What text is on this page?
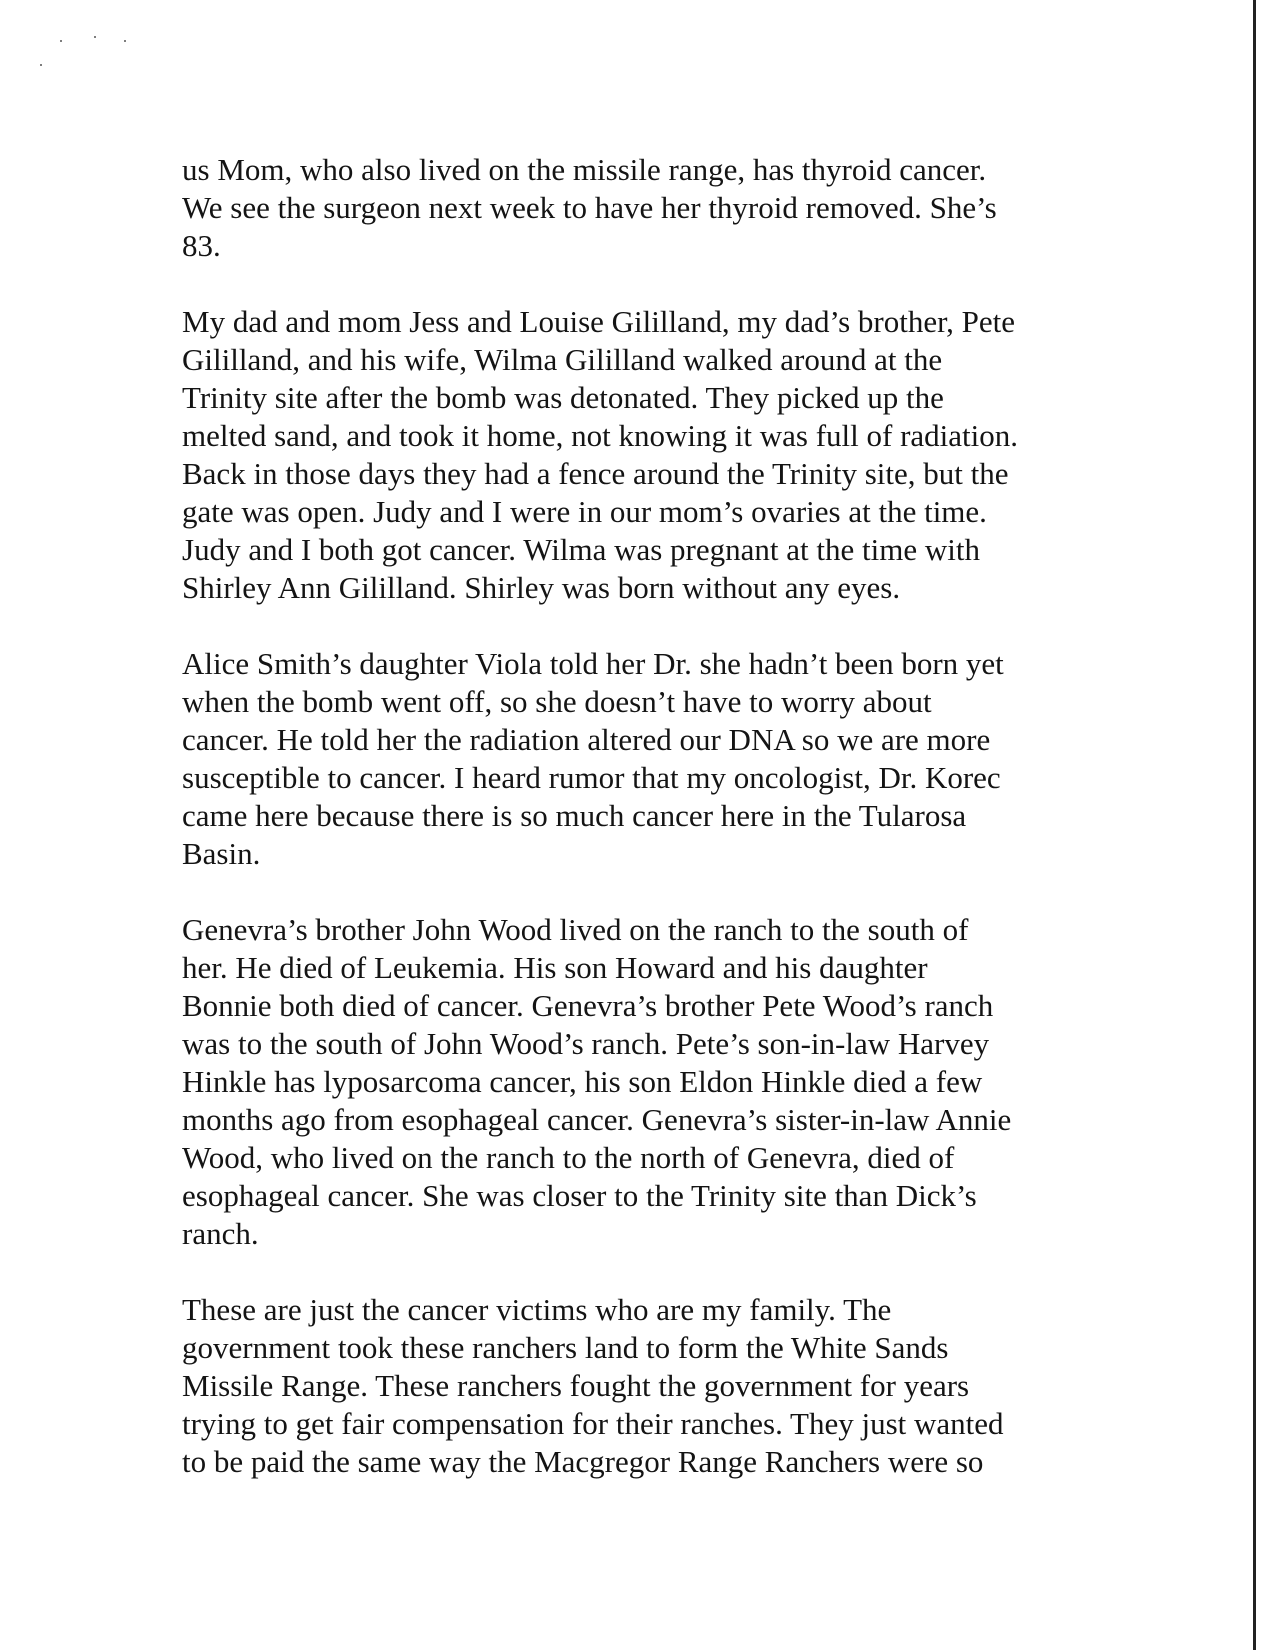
us Mom, who also lived on the missile range, has thyroid cancer.
We see the surgeon next week to have her thyroid removed. She’s
83.
My dad and mom Jess and Louise Gililland, my dad’s brother, Pete
Gililland, and his wife, Wilma Gililland walked around at the
Trinity site after the bomb was detonated. They picked up the
melted sand, and took it home, not knowing it was full of radiation.
Back in those days they had a fence around the Trinity site, but the
gate was open. Judy and I were in our mom’s ovaries at the time.
Judy and I both got cancer. Wilma was pregnant at the time with
Shirley Ann Gililland. Shirley was born without any eyes.
Alice Smith’s daughter Viola told her Dr. she hadn’t been born yet
when the bomb went off, so she doesn’t have to worry about
cancer. He told her the radiation altered our DNA so we are more
susceptible to cancer. I heard rumor that my oncologist, Dr. Korec
came here because there is so much cancer here in the Tularosa
Basin.
Genevra’s brother John Wood lived on the ranch to the south of
her. He died of Leukemia. His son Howard and his daughter
Bonnie both died of cancer. Genevra’s brother Pete Wood’s ranch
was to the south of John Wood’s ranch. Pete’s son-in-law Harvey
Hinkle has lyposarcoma cancer, his son Eldon Hinkle died a few
months ago from esophageal cancer. Genevra’s sister-in-law Annie
Wood, who lived on the ranch to the north of Genevra, died of
esophageal cancer. She was closer to the Trinity site than Dick’s
ranch.
These are just the cancer victims who are my family. The
government took these ranchers land to form the White Sands
Missile Range. These ranchers fought the government for years
trying to get fair compensation for their ranches. They just wanted
to be paid the same way the Macgregor Range Ranchers were so
